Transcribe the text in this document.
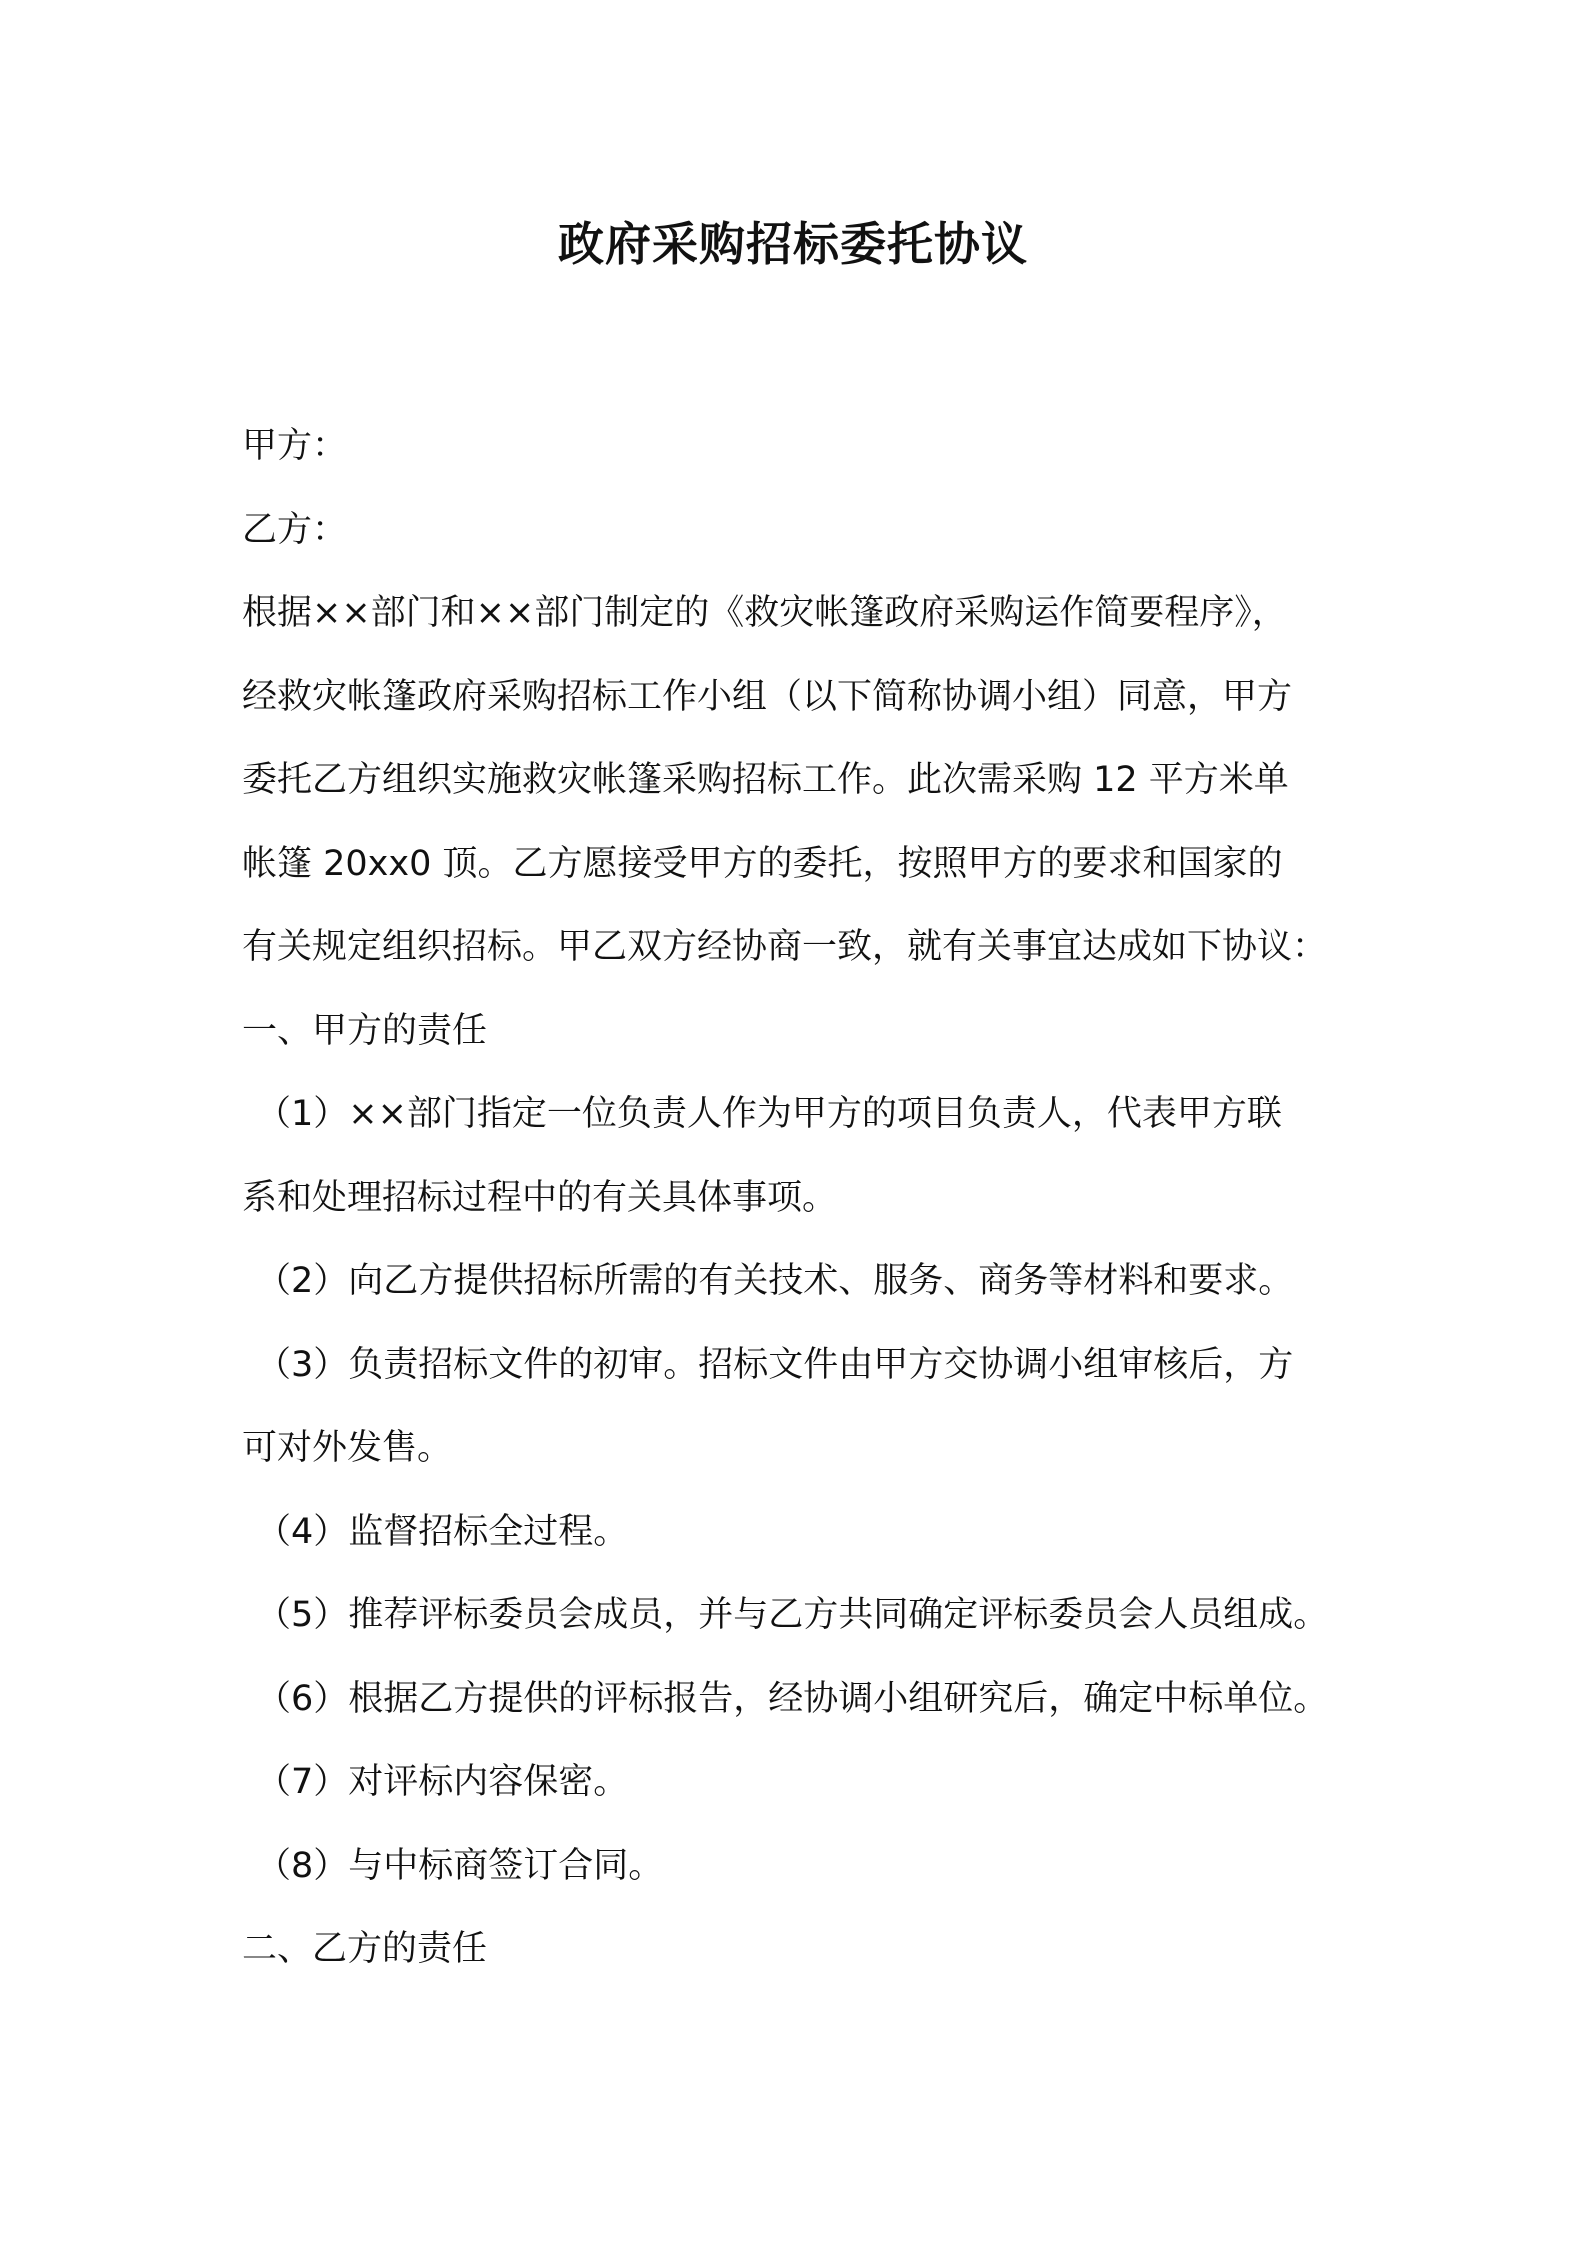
政府采购招标委托协议
甲方：
乙方：
根据××部门和××部门制定的《救灾帐篷政府采购运作简要程序》，
经救灾帐篷政府采购招标工作小组（以下简称协调小组）同意，甲方
委托乙方组织实施救灾帐篷采购招标工作。此次需采购 12 平方米单
帐篷 20xx0 顶。乙方愿接受甲方的委托，按照甲方的要求和国家的
有关规定组织招标。甲乙双方经协商一致，就有关事宜达成如下协议：
一、甲方的责任
（1）××部门指定一位负责人作为甲方的项目负责人，代表甲方联
系和处理招标过程中的有关具体事项。
（2）向乙方提供招标所需的有关技术、服务、商务等材料和要求。
（3）负责招标文件的初审。招标文件由甲方交协调小组审核后，方
可对外发售。
（4）监督招标全过程。
（5）推荐评标委员会成员，并与乙方共同确定评标委员会人员组成。
（6）根据乙方提供的评标报告，经协调小组研究后，确定中标单位。
（7）对评标内容保密。
（8）与中标商签订合同。
二、乙方的责任
